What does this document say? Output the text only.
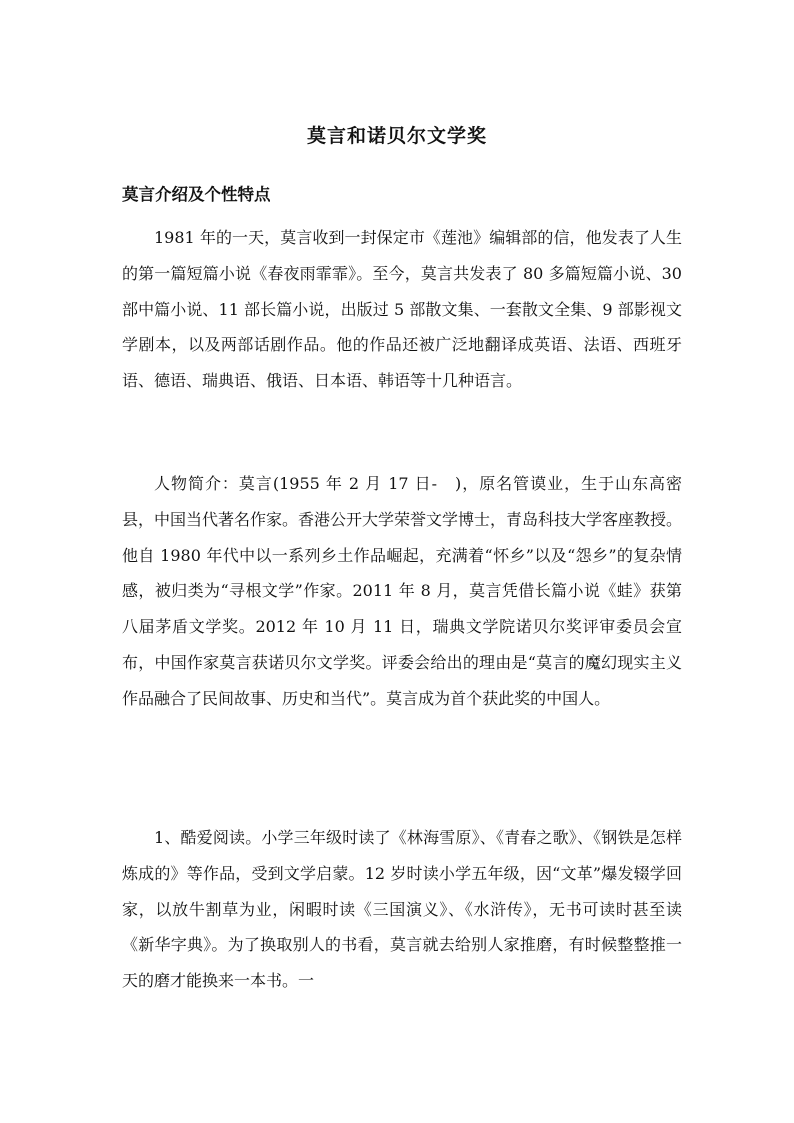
莫言和诺贝尔文学奖
莫言介绍及个性特点

1981 年的一天，莫言收到一封保定市《莲池》编辑部的信，他发表了人生的第一篇短篇小说《春夜雨霏霏》。至今，莫言共发表了 80 多篇短篇小说、30 部中篇小说、11 部长篇小说，出版过 5 部散文集、一套散文全集、9 部影视文学剧本，以及两部话剧作品。他的作品还被广泛地翻译成英语、法语、西班牙语、德语、瑞典语、俄语、日本语、韩语等十几种语言。

人物简介：莫言(1955 年 2 月 17 日-　)，原名管谟业，生于山东高密县，中国当代著名作家。香港公开大学荣誉文学博士，青岛科技大学客座教授。他自 1980 年代中以一系列乡土作品崛起，充满着“怀乡”以及“怨乡”的复杂情感，被归类为“寻根文学”作家。2011 年 8 月，莫言凭借长篇小说《蛙》获第八届茅盾文学奖。2012 年 10 月 11 日，瑞典文学院诺贝尔奖评审委员会宣布，中国作家莫言获诺贝尔文学奖。评委会给出的理由是“莫言的魔幻现实主义作品融合了民间故事、历史和当代”。莫言成为首个获此奖的中国人。

1、酷爱阅读。小学三年级时读了《林海雪原》、《青春之歌》、《钢铁是怎样炼成的》等作品，受到文学启蒙。12 岁时读小学五年级，因“文革”爆发辍学回家，以放牛割草为业，闲暇时读《三国演义》、《水浒传》，无书可读时甚至读《新华字典》。为了换取别人的书看，莫言就去给别人家推磨，有时候整整推一天的磨才能换来一本书。一
